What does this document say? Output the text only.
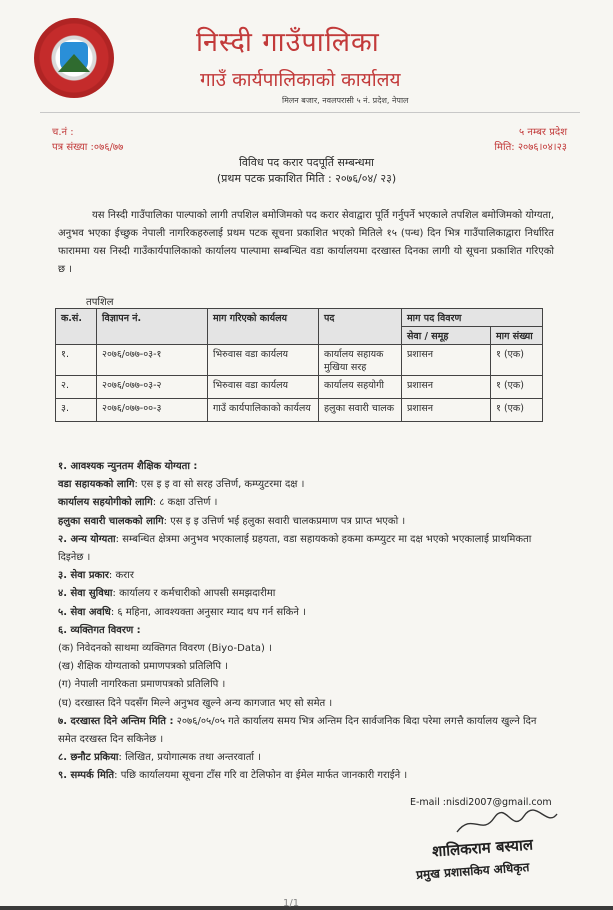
निस्दी गाउँपालिका
गाउँ कार्यपालिकाको कार्यालय
मिलन बजार, नवलपरासी ५ नं. प्रदेश, नेपाल
च.नं :
पत्र संख्या :०७६/७७
५ नम्बर प्रदेश
मिति: २०७६।०४।२३
विविध पद करार पदपूर्ति सम्बन्धमा
(प्रथम पटक प्रकाशित मिति : २०७६/०४/ २३)
यस निस्दी गाउँपालिका पाल्पाको लागी तपशिल बमोजिमको पद करार सेवाद्वारा पूर्ति गर्नुपर्ने भएकाले तपशिल बमोजिमको योग्यता, अनुभव भएका ईच्छुक नेपाली नागरिकहरुलाई प्रथम पटक सूचना प्रकाशित भएको मितिले १५ (पन्ध) दिन भित्र गाउँपालिकाद्वारा निर्धारित फाराममा यस निस्दी गाउँकार्यपालिकाको कार्यालय पाल्पामा सम्बन्धित वडा कार्यालयमा दरखास्त दिनका लागी यो सूचना प्रकाशित गरिएको छ ।
तपशिल
क.सं.	विज्ञापन नं.	माग गरिएको कार्यलय	पद	माग पद विवरण	
				सेवा / समूह	माग संख्या
१.	२०७६/०७७-०३-१	भिरुवास वडा कार्यलय	कार्यालय सहायक मुखिया सरह	प्रशासन	१ (एक)
२.	२०७६/०७७-०३-२	भिरुवास वडा कार्यलय	कार्यालय सहयोगी	प्रशासन	१ (एक)
३.	२०७६/०७७-००-३	गाउँ कार्यपालिकाको कार्यलय	हलुका सवारी चालक	प्रशासन	१ (एक)

१. आवश्यक न्युनतम शैक्षिक योग्यता :

वडा सहायकको लागि: एस इ इ वा सो सरह उत्तिर्ण, कम्प्युटरमा दक्ष ।

कार्यालय सहयोगीको लागि: ८ कक्षा उत्तिर्ण ।

हलुका सवारी चालकको लागि: एस इ इ उत्तिर्ण भई हलुका सवारी चालकप्रमाण पत्र प्राप्त भएको ।

२. अन्य योग्यता: सम्बन्धित क्षेत्रमा अनुभव भएकालाई ग्रहयता, वडा सहायकको हकमा कम्प्युटर मा दक्ष भएको भएकालाई प्राथमिकता दिइनेछ ।

३. सेवा प्रकार: करार

४. सेवा सुविधा: कार्यालय र कर्मचारीको आपसी समझदारीमा

५. सेवा अवधि: ६ महिना, आवश्यक्ता अनुसार म्याद थप गर्न सकिने ।

६. व्यक्तिगत विवरण :

(क) निवेदनको साथमा व्यक्तिगत विवरण (Biyo-Data) ।

(ख) शैक्षिक योग्यताको प्रमाणपत्रको प्रतिलिपि ।

(ग) नेपाली नागरिकता प्रमाणपत्रको प्रतिलिपि ।

(घ) दरखास्त दिने पदसँग मिल्ने अनुभव खुल्ने अन्य कागजात भए सो समेत ।

७. दरखास्त दिने अन्तिम मिति : २०७६/०५/०५ गते कार्यालय समय भित्र अन्तिम दिन सार्वजनिक बिदा परेमा लगत्तै कार्यालय खुल्ने दिन समेत दरखस्त दिन सकिनेछ ।

८. छनौट प्रकिया: लिखित, प्रयोगात्मक तथा अन्तरवार्ता ।

९. सम्पर्क मिति: पछि कार्यालयमा सूचना टाँस गरि वा टेलिफोन वा ईमेल मार्फत जानकारी गराईने ।

E-mail :nisdi2007@gmail.com
शालिकराम बस्याल
प्रमुख प्रशासकिय अधिकृत
1/1
